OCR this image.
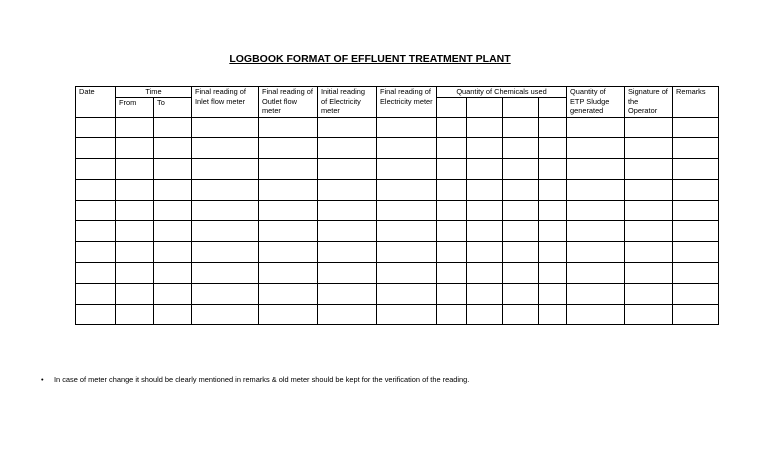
LOGBOOK FORMAT OF EFFLUENT TREATMENT PLANT
Date	Time		Final reading of Inlet flow meter	Final reading of Outlet flow meter	Initial reading of Electricity meter	Final reading of Electricity meter	Quantity of Chemicals used				Quantity of ETP Sludge generated	Signature of the Operator	Remarks
	From	To											

• In case of meter change it should be clearly mentioned in remarks & old meter should be kept for the verification of the reading.
